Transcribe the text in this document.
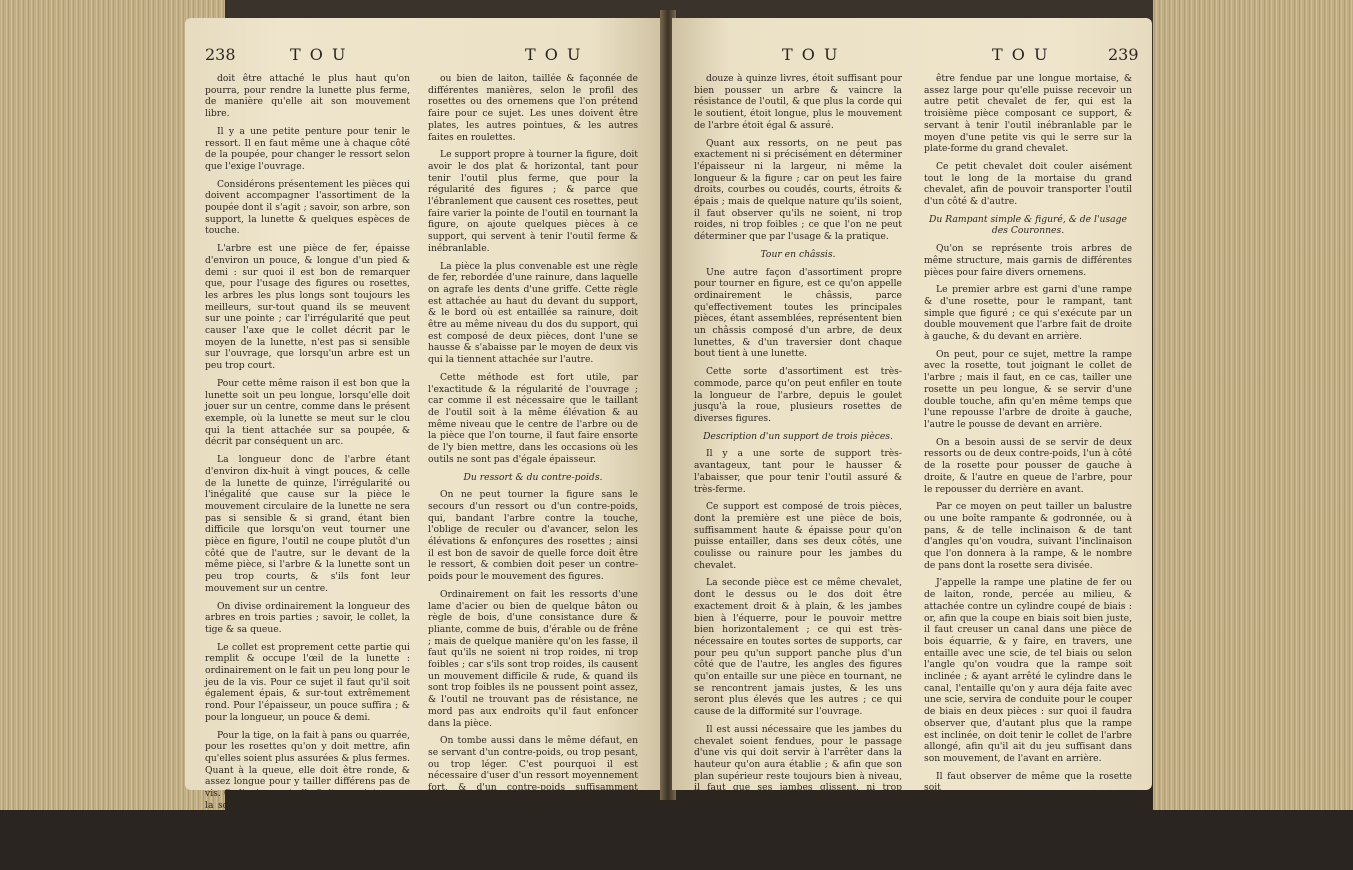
238	T O U	T O U

doit être attaché le plus haut qu'on pourra, pour rendre la lunette plus ferme, de manière qu'elle ait son mouvement libre.

Il y a une petite penture pour tenir le ressort. Il en faut même une à chaque côté de la poupée, pour changer le ressort selon que l'exige l'ouvrage.

Considérons présentement les pièces qui doivent accompagner l'assortiment de la poupée dont il s'agit ; savoir, son arbre, son support, la lunette & quelques espèces de touche.

L'arbre est une pièce de fer, épaisse d'environ un pouce, & longue d'un pied & demi : sur quoi il est bon de remarquer que, pour l'usage des figures ou rosettes, les arbres les plus longs sont toujours les meilleurs, sur-tout quand ils se meuvent sur une pointe ; car l'irrégularité que peut causer l'axe que le collet décrit par le moyen de la lunette, n'est pas si sensible sur l'ouvrage, que lorsqu'un arbre est un peu trop court.

Pour cette même raison il est bon que la lunette soit un peu longue, lorsqu'elle doit jouer sur un centre, comme dans le présent exemple, où la lunette se meut sur le clou qui la tient attachée sur sa poupée, & décrit par conséquent un arc.

La longueur donc de l'arbre étant d'environ dix-huit à vingt pouces, & celle de la lunette de quinze, l'irrégularité ou l'inégalité que cause sur la pièce le mouvement circulaire de la lunette ne sera pas si sensible & si grand, étant bien difficile que lorsqu'on veut tourner une pièce en figure, l'outil ne coupe plutôt d'un côté que de l'autre, sur le devant de la même pièce, si l'arbre & la lunette sont un peu trop courts, & s'ils font leur mouvement sur un centre.

On divise ordinairement la longueur des arbres en trois parties ; savoir, le collet, la tige & sa queue.

Le collet est proprement cette partie qui remplit & occupe l'œil de la lunette : ordinairement on le fait un peu long pour le jeu de la vis. Pour ce sujet il faut qu'il soit également épais, & sur-tout extrêmement rond. Pour l'épaisseur, un pouce suffira ; & pour la longueur, un pouce & demi.

Pour la tige, on la fait à pans ou quarrée, pour les rosettes qu'on y doit mettre, afin qu'elles soient plus assurées & plus fermes. Quant à la queue, elle doit être ronde, & assez longue pour y tailler différens pas de vis. Ordinairement elle finit en pointe, pour la soutenir sur une poupée ou on emploie une petite poulie, un peu par-dessus les vis, si on veut l'appuyer sur une lunette.

La touche ou la rencontre est une pièce de fer

ou bien de laiton, taillée & façonnée de différentes manières, selon le profil des rosettes ou des ornemens que l'on prétend faire pour ce sujet. Les unes doivent être plates, les autres pointues, & les autres faites en roulettes.

Le support propre à tourner la figure, doit avoir le dos plat & horizontal, tant pour tenir l'outil plus ferme, que pour la régularité des figures ; & parce que l'ébranlement que causent ces rosettes, peut faire varier la pointe de l'outil en tournant la figure, on ajoute quelques pièces à ce support, qui servent à tenir l'outil ferme & inébranlable.

La pièce la plus convenable est une règle de fer, rebordée d'une rainure, dans laquelle on agrafe les dents d'une griffe. Cette règle est attachée au haut du devant du support, & le bord où est entaillée sa rainure, doit être au même niveau du dos du support, qui est composé de deux pièces, dont l'une se hausse & s'abaisse par le moyen de deux vis qui la tiennent attachée sur l'autre.

Cette méthode est fort utile, par l'exactitude & la régularité de l'ouvrage ; car comme il est nécessaire que le taillant de l'outil soit à la même élévation & au même niveau que le centre de l'arbre ou de la pièce que l'on tourne, il faut faire ensorte de l'y bien mettre, dans les occasions où les outils ne sont pas d'égale épaisseur.

Du ressort & du contre-poids.

On ne peut tourner la figure sans le secours d'un ressort ou d'un contre-poids, qui, bandant l'arbre contre la touche, l'oblige de reculer ou d'avancer, selon les élévations & enfonçures des rosettes ; ainsi il est bon de savoir de quelle force doit être le ressort, & combien doit peser un contre-poids pour le mouvement des figures.

Ordinairement on fait les ressorts d'une lame d'acier ou bien de quelque bâton ou règle de bois, d'une consistance dure & pliante, comme de buis, d'érable ou de frêne ; mais de quelque manière qu'on les fasse, il faut qu'ils ne soient ni trop roides, ni trop foibles ; car s'ils sont trop roides, ils causent un mouvement difficile & rude, & quand ils sont trop foibles ils ne poussent point assez, & l'outil ne trouvant pas de résistance, ne mord pas aux endroits qu'il faut enfoncer dans la pièce.

On tombe aussi dans le même défaut, en se servant d'un contre-poids, ou trop pesant, ou trop léger. C'est pourquoi il est nécessaire d'user d'un ressort moyennement fort, & d'un contre-poids suffisamment pesant.

La pratique a enseigné qu'un contre-poids de

T O U	T O U	239

douze à quinze livres, étoit suffisant pour bien pousser un arbre & vaincre la résistance de l'outil, & que plus la corde qui le soutient, étoit longue, plus le mouvement de l'arbre étoit égal & assuré.

Quant aux ressorts, on ne peut pas exactement ni si précisément en déterminer l'épaisseur ni la largeur, ni même la longueur & la figure ; car on peut les faire droits, courbes ou coudés, courts, étroits & épais ; mais de quelque nature qu'ils soient, il faut observer qu'ils ne soient, ni trop roides, ni trop foibles ; ce que l'on ne peut déterminer que par l'usage & la pratique.

Tour en châssis.

Une autre façon d'assortiment propre pour tourner en figure, est ce qu'on appelle ordinairement le châssis, parce qu'effectivement toutes les principales pièces, étant assemblées, représentent bien un châssis composé d'un arbre, de deux lunettes, & d'un traversier dont chaque bout tient à une lunette.

Cette sorte d'assortiment est très-commode, parce qu'on peut enfiler en toute la longueur de l'arbre, depuis le goulet jusqu'à la roue, plusieurs rosettes de diverses figures.

Description d'un support de trois pièces.

Il y a une sorte de support très-avantageux, tant pour le hausser & l'abaisser, que pour tenir l'outil assuré & très-ferme.

Ce support est composé de trois pièces, dont la première est une pièce de bois, suffisamment haute & épaisse pour qu'on puisse entailler, dans ses deux côtés, une coulisse ou rainure pour les jambes du chevalet.

La seconde pièce est ce même chevalet, dont le dessus ou le dos doit être exactement droit & à plain, & les jambes bien à l'équerre, pour le pouvoir mettre bien horizontalement ; ce qui est très-nécessaire en toutes sortes de supports, car pour peu qu'un support panche plus d'un côté que de l'autre, les angles des figures qu'on entaille sur une pièce en tournant, ne se rencontrent jamais justes, & les uns seront plus élevés que les autres ; ce qui cause de la difformité sur l'ouvrage.

Il est aussi nécessaire que les jambes du chevalet soient fendues, pour le passage d'une vis qui doit servir à l'arrêter dans la hauteur qu'on aura établie ; & afin que son plan supérieur reste toujours bien à niveau, il faut que ses jambes glissent, ni trop aisément, ni aussi avec force, dans les rainures de la pièce de bois.

La partie supérieure de ce même chevalet doit

être fendue par une longue mortaise, & assez large pour qu'elle puisse recevoir un autre petit chevalet de fer, qui est la troisième pièce composant ce support, & servant à tenir l'outil inébranlable par le moyen d'une petite vis qui le serre sur la plate-forme du grand chevalet.

Ce petit chevalet doit couler aisément tout le long de la mortaise du grand chevalet, afin de pouvoir transporter l'outil d'un côté & d'autre.

Du Rampant simple & figuré, & de l'usage des Couronnes.

Qu'on se représente trois arbres de même structure, mais garnis de différentes pièces pour faire divers ornemens.

Le premier arbre est garni d'une rampe & d'une rosette, pour le rampant, tant simple que figuré ; ce qui s'exécute par un double mouvement que l'arbre fait de droite à gauche, & du devant en arrière.

On peut, pour ce sujet, mettre la rampe avec la rosette, tout joignant le collet de l'arbre ; mais il faut, en ce cas, tailler une rosette un peu longue, & se servir d'une double touche, afin qu'en même temps que l'une repousse l'arbre de droite à gauche, l'autre le pousse de devant en arrière.

On a besoin aussi de se servir de deux ressorts ou de deux contre-poids, l'un à côté de la rosette pour pousser de gauche à droite, & l'autre en queue de l'arbre, pour le repousser du derrière en avant.

Par ce moyen on peut tailler un balustre ou une boîte rampante & godronnée, ou à pans, & de telle inclinaison & de tant d'angles qu'on voudra, suivant l'inclinaison que l'on donnera à la rampe, & le nombre de pans dont la rosette sera divisée.

J'appelle la rampe une platine de fer ou de laiton, ronde, percée au milieu, & attachée contre un cylindre coupé de biais : or, afin que la coupe en biais soit bien juste, il faut creuser un canal dans une pièce de bois équarrie, & y faire, en travers, une entaille avec une scie, de tel biais ou selon l'angle qu'on voudra que la rampe soit inclinée ; & ayant arrêté le cylindre dans le canal, l'entaille qu'on y aura déja faite avec une scie, servira de conduite pour le couper de biais en deux pièces : sur quoi il faudra observer que, d'autant plus que la rampe est inclinée, on doit tenir le collet de l'arbre allongé, afin qu'il ait du jeu suffisant dans son mouvement, de l'avant en arrière.

Il faut observer de même que la rosette soit
